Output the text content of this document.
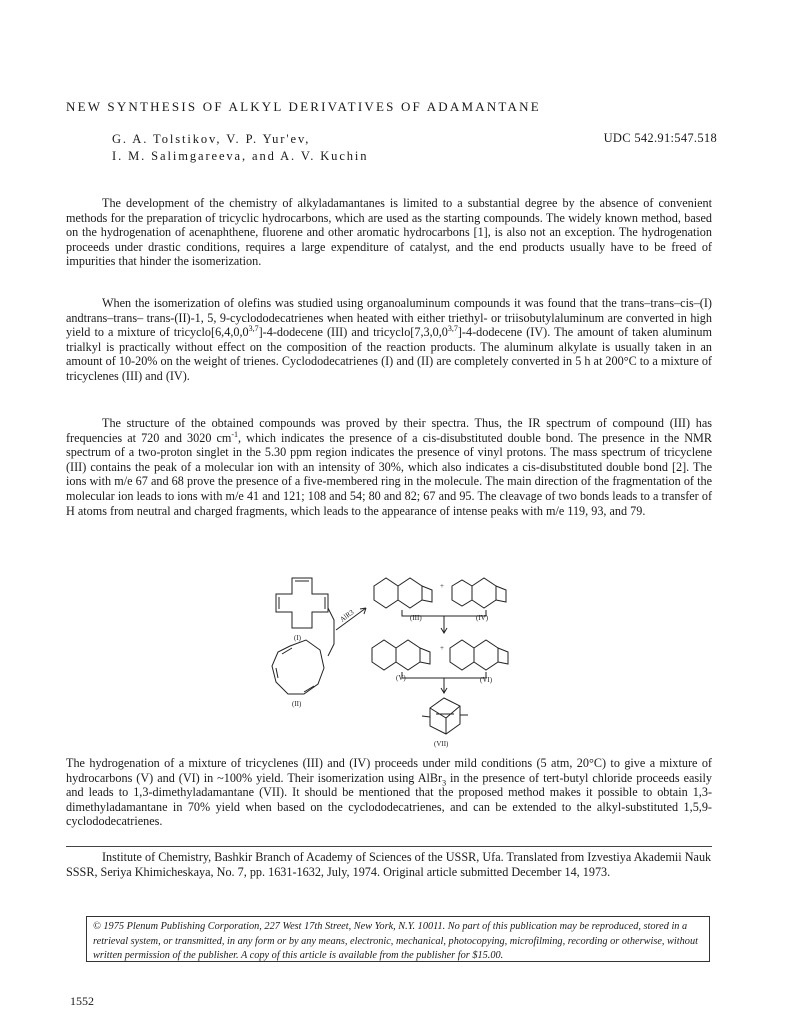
NEW SYNTHESIS OF ALKYL DERIVATIVES OF ADAMANTANE
G. A. Tolstikov, V. P. Yur'ev,
I. M. Salimgareeva, and A. V. Kuchin
UDC 542.91:547.518
The development of the chemistry of alkyladamantanes is limited to a substantial degree by the absence of convenient methods for the preparation of tricyclic hydrocarbons, which are used as the starting compounds. The widely known method, based on the hydrogenation of acenaphthene, fluorene and other aromatic hydrocarbons [1], is also not an exception. The hydrogenation proceeds under drastic conditions, requires a large expenditure of catalyst, and the end products usually have to be freed of impurities that hinder the isomerization.
When the isomerization of olefins was studied using organoaluminum compounds it was found that the trans–trans–cis–(I) andtrans–trans– trans-(II)-1, 5, 9-cyclododecatrienes when heated with either triethyl- or triisobutylaluminum are converted in high yield to a mixture of tricyclo[6,4,0,0$^{3,7}$]-4-dodecene (III) and tricyclo[7,3,0,0$^{3,7}$]-4-dodecene (IV). The amount of taken aluminum trialkyl is practically without effect on the composition of the reaction products. The aluminum alkylate is usually taken in an amount of 10-20% on the weight of trienes. Cyclododecatrienes (I) and (II) are completely converted in 5 h at 200°C to a mixture of tricyclenes (III) and (IV).
The structure of the obtained compounds was proved by their spectra. Thus, the IR spectrum of compound (III) has frequencies at 720 and 3020 $cm^{-1}$, which indicates the presence of a cis-disubstituted double bond. The presence in the NMR spectrum of a two-proton singlet in the 5.30 ppm region indicates the presence of vinyl protons. The mass spectrum of tricyclene (III) contains the peak of a molecular ion with an intensity of 30%, which also indicates a cis-disubstituted double bond [2]. The ions with m/e 67 and 68 prove the presence of a five-membered ring in the molecule. The main direction of the fragmentation of the molecular ion leads to ions with m/e 41 and 121; 108 and 54; 80 and 82; 67 and 95. The cleavage of two bonds leads to a transfer of H atoms from neutral and charged fragments, which leads to the appearance of intense peaks with m/e 119, 93, and 79.
(I)
(II)
AlR3	(III)
+
(IV)
(V)
+
(VI)
(VII)
The hydrogenation of a mixture of tricyclenes (III) and (IV) proceeds under mild conditions (5 atm, 20°C) to give a mixture of hydrocarbons (V) and (VI) in ~100% yield. Their isomerization using AlBr$_3$ in the presence of tert-butyl chloride proceeds easily and leads to 1,3-dimethyladamantane (VII). It should be mentioned that the proposed method makes it possible to obtain 1,3-dimethyladamantane in 70% yield when based on the cyclododecatrienes, and can be extended to the alkyl-substituted 1,5,9-cyclododecatrienes.
Institute of Chemistry, Bashkir Branch of Academy of Sciences of the USSR, Ufa. Translated from Izvestiya Akademii Nauk SSSR, Seriya Khimicheskaya, No. 7, pp. 1631-1632, July, 1974. Original article submitted December 14, 1973.
© 1975 Plenum Publishing Corporation, 227 West 17th Street, New York, N.Y. 10011. No part of this publication may be reproduced, stored in a retrieval system, or transmitted, in any form or by any means, electronic, mechanical, photocopying, microfilming, recording or otherwise, without written permission of the publisher. A copy of this article is available from the publisher for $15.00.
1552
